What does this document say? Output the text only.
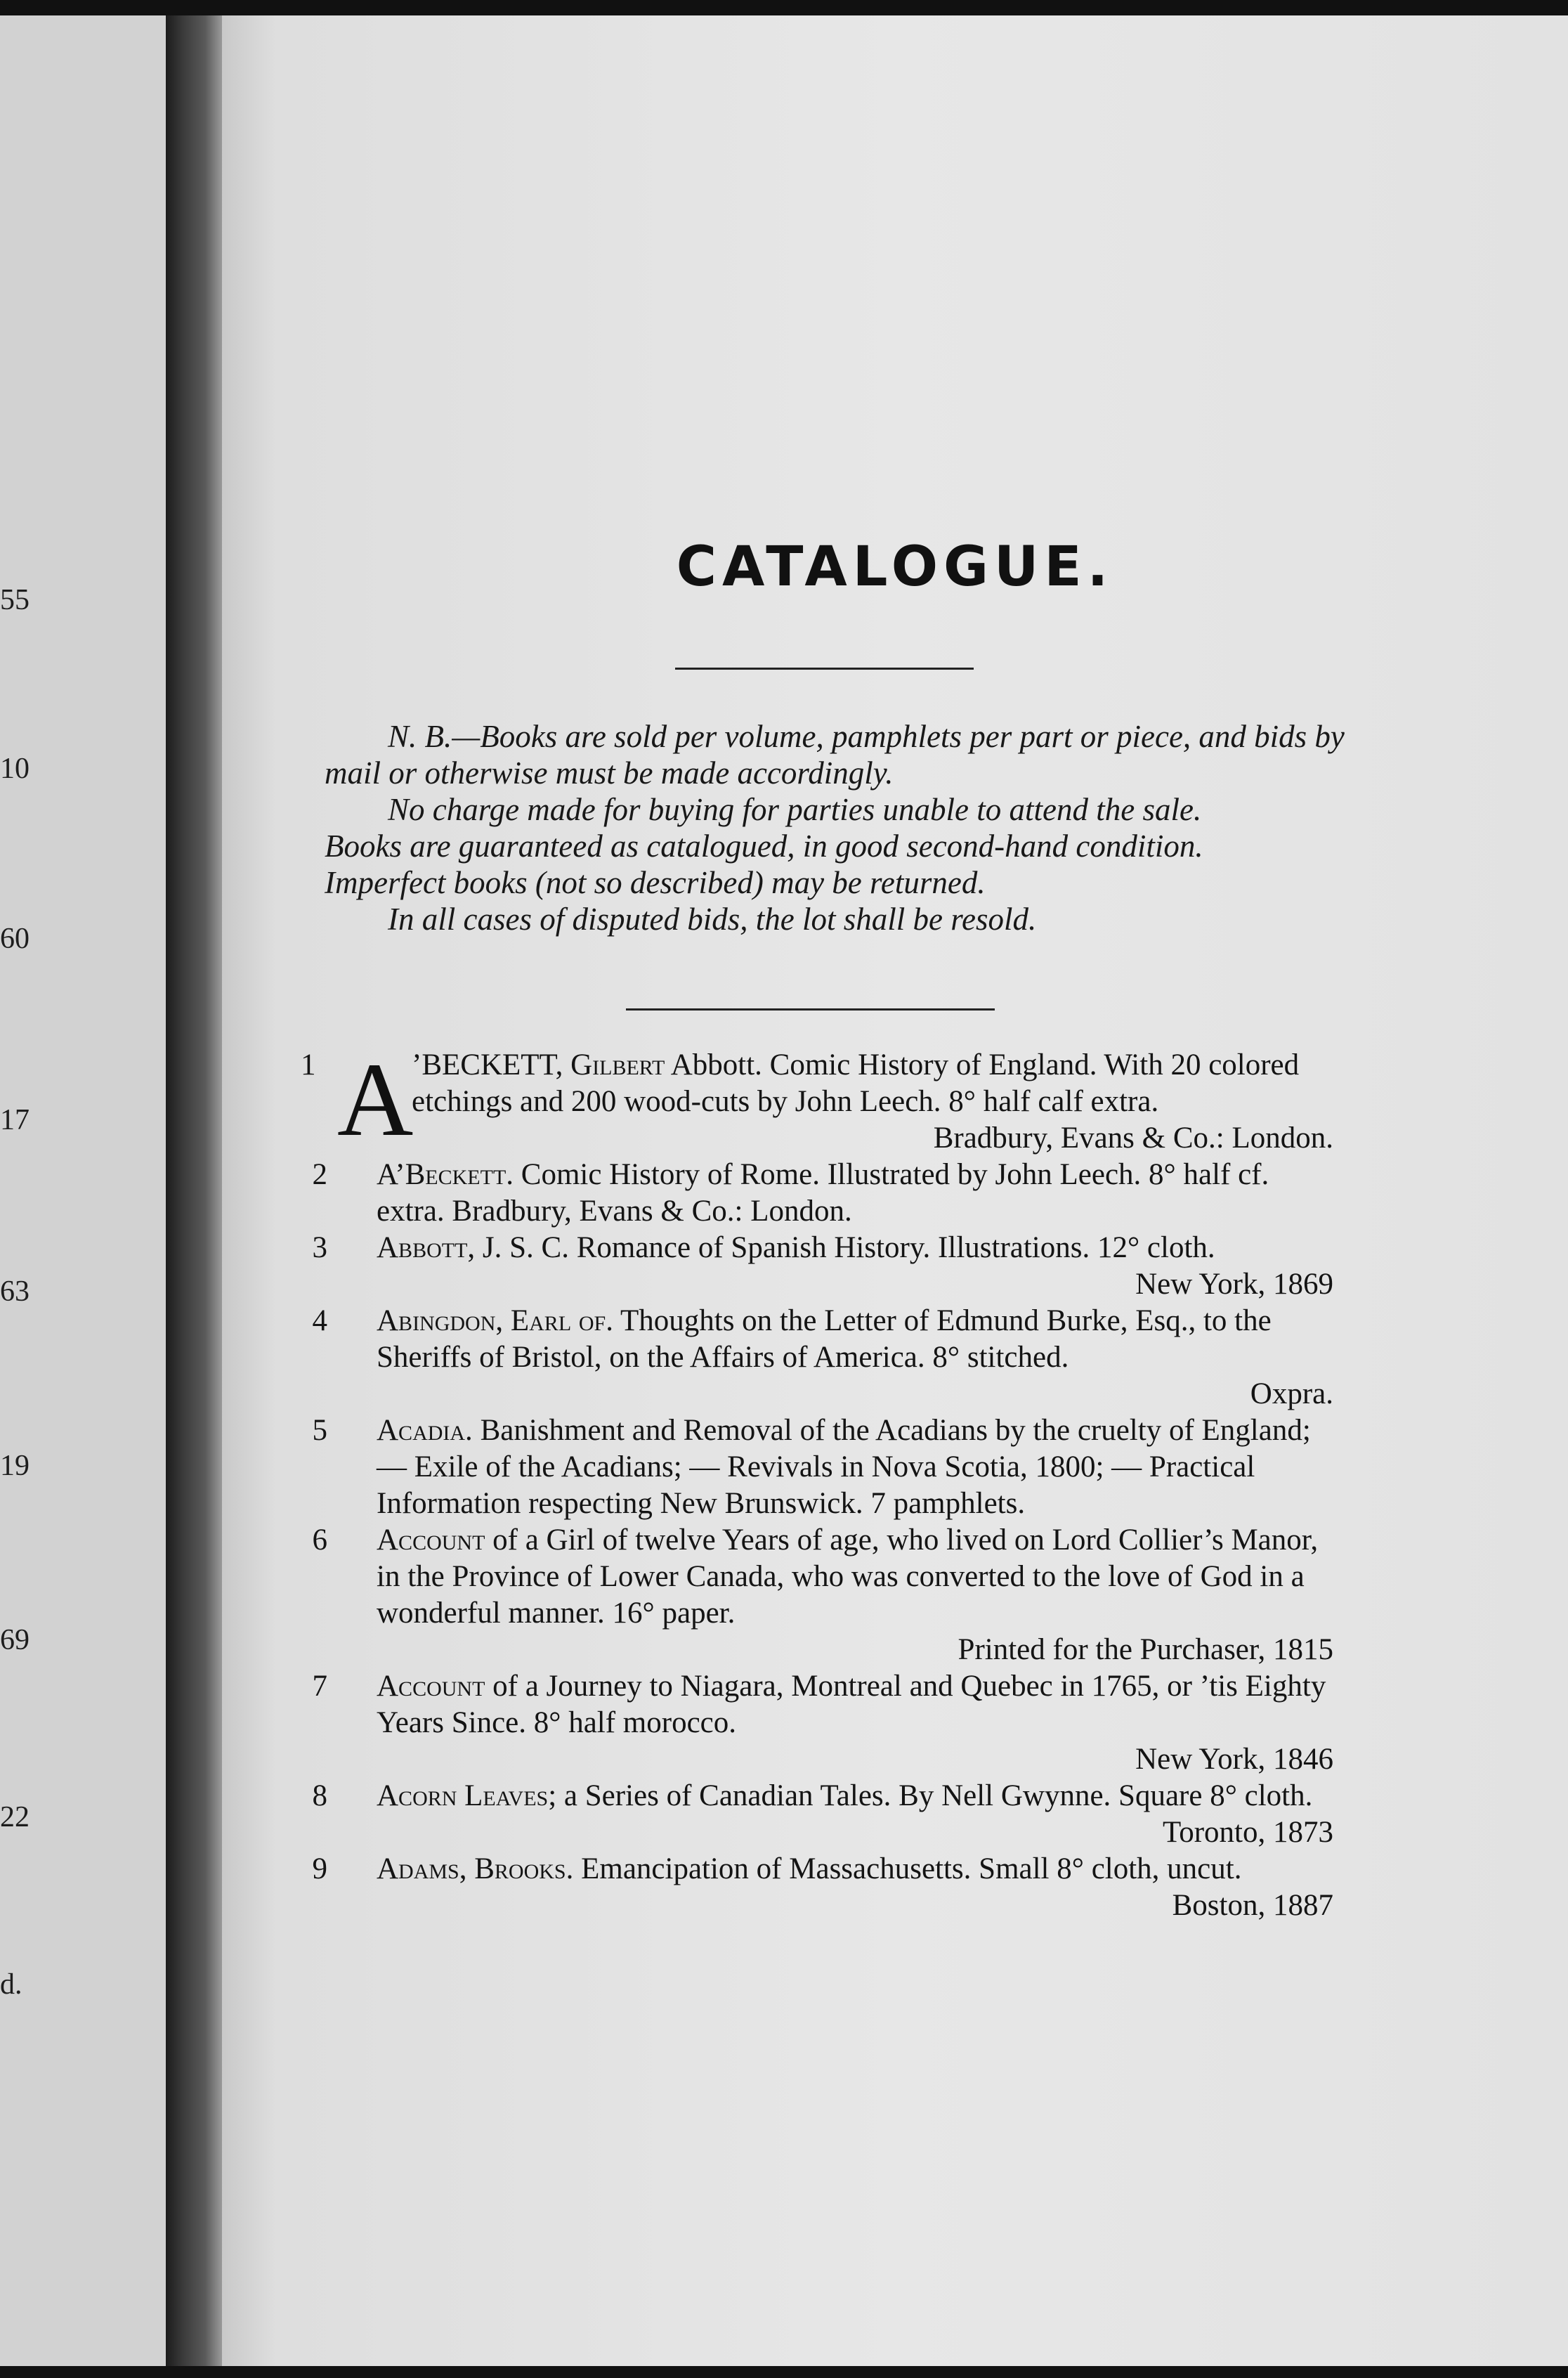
55
10
60
17
63
19
69
22
d.
CATALOGUE.

N. B.—Books are sold per volume, pamphlets per part or piece, and bids by mail or otherwise must be made accordingly.

No charge made for buying for parties unable to attend the sale.

Books are guaranteed as catalogued, in good second-hand condition.

Imperfect books (not so described) may be returned.

In all cases of disputed bids, the lot shall be resold.

1 A
’BECKETT, Gilbert Abbott. Comic History of England. With 20 colored etchings and 200 wood-cuts by John Leech. 8° half calf extra.
Bradbury, Evans & Co.: London.
2 A’Beckett. Comic History of Rome. Illustrated by John Leech. 8° half cf. extra. Bradbury, Evans & Co.: London.
3 Abbott, J. S. C. Romance of Spanish History. Illustrations. 12° cloth.
New York, 1869
4 Abingdon, Earl of. Thoughts on the Letter of Edmund Burke, Esq., to the Sheriffs of Bristol, on the Affairs of America. 8° stitched.
Oxpra.
5 Acadia. Banishment and Removal of the Acadians by the cruelty of England; — Exile of the Acadians; — Revivals in Nova Scotia, 1800; — Practical Information respecting New Brunswick. 7 pamphlets.
6 Account of a Girl of twelve Years of age, who lived on Lord Collier’s Manor, in the Province of Lower Canada, who was converted to the love of God in a wonderful manner. 16° paper.
Printed for the Purchaser, 1815
7 Account of a Journey to Niagara, Montreal and Quebec in 1765, or ’tis Eighty Years Since. 8° half morocco.
New York, 1846
8 Acorn Leaves; a Series of Canadian Tales. By Nell Gwynne. Square 8° cloth.
Toronto, 1873
9 Adams, Brooks. Emancipation of Massachusetts. Small 8° cloth, uncut.
Boston, 1887
